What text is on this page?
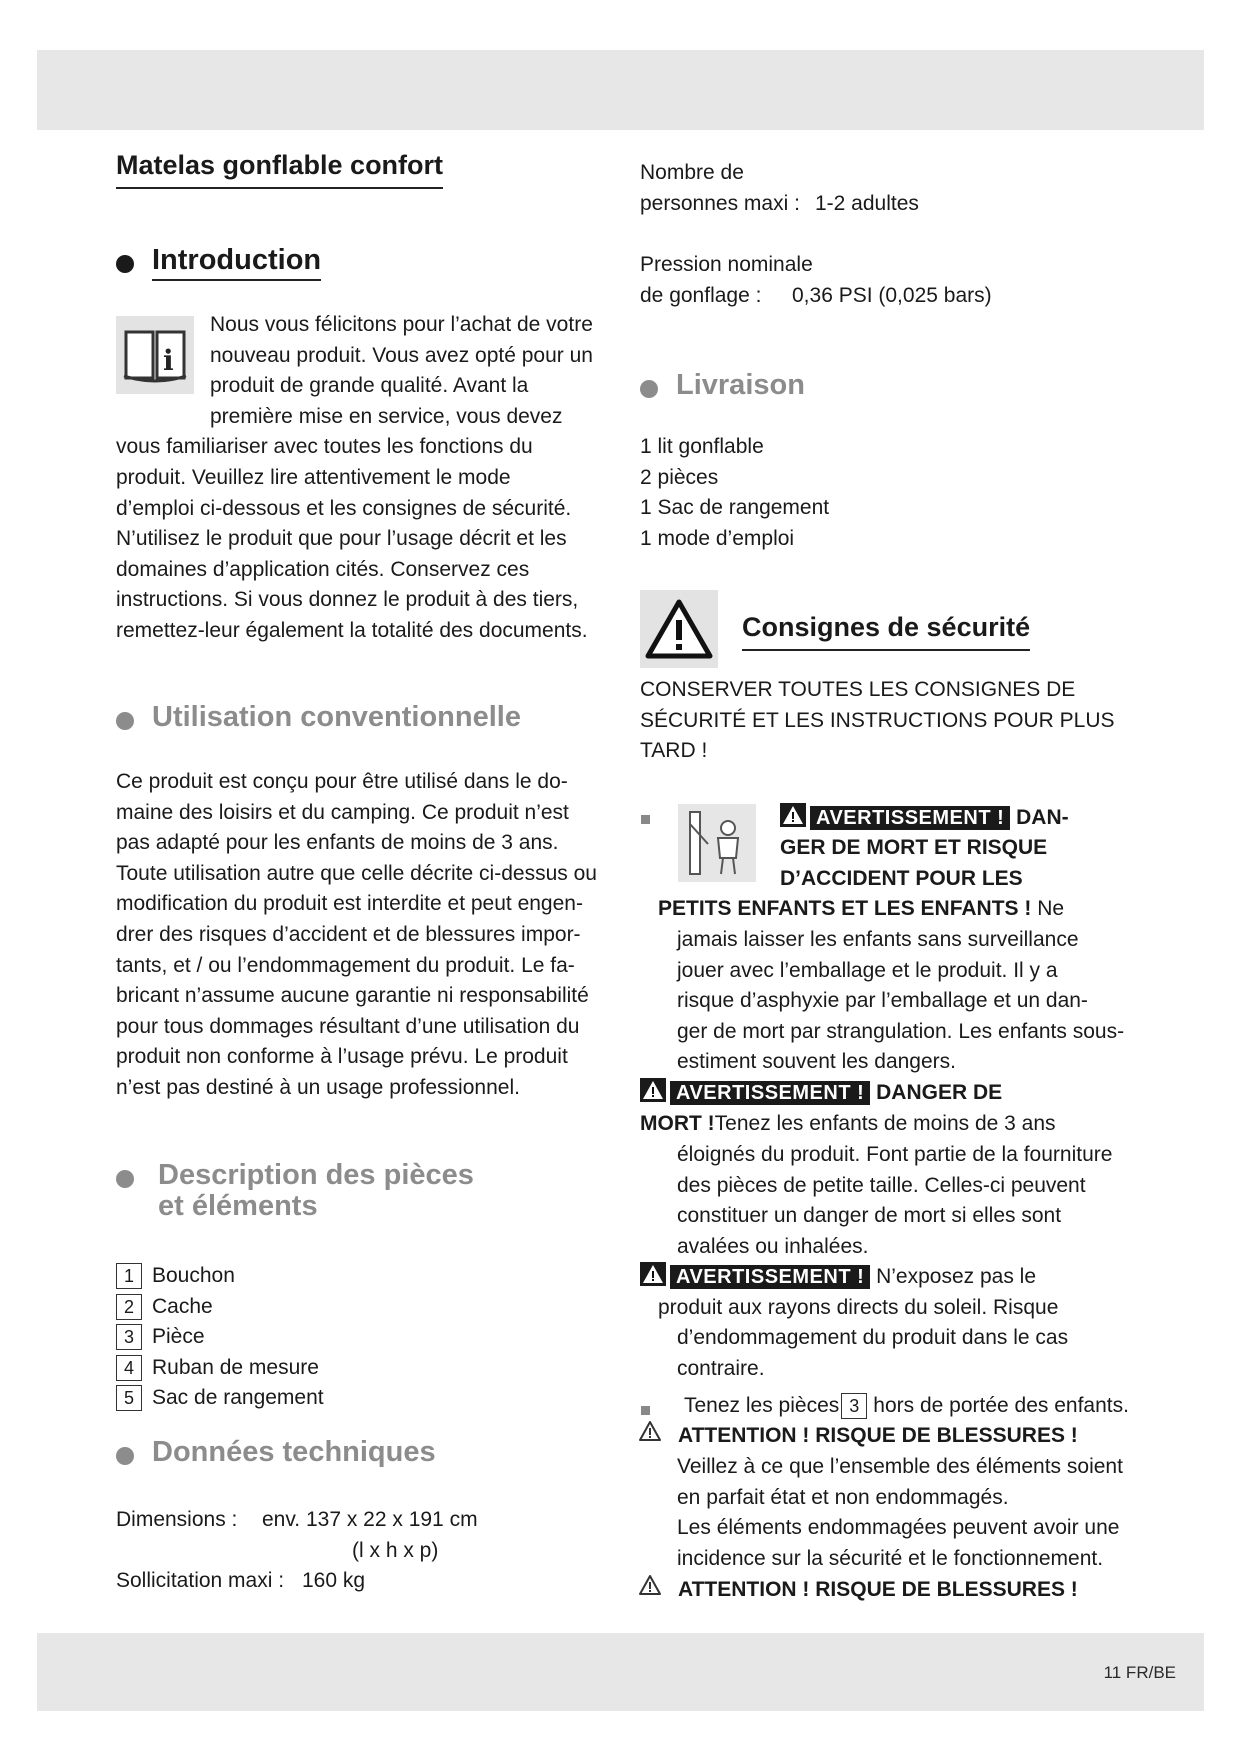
Matelas gonflable confort
Introduction
i
Nous vous félicitons pour l’achat de votre
nouveau produit. Vous avez opté pour un
produit de grande qualité. Avant la
première mise en service, vous devez
vous familiariser avec toutes les fonctions du
produit. Veuillez lire attentivement le mode
d’emploi ci-dessous et les consignes de sécurité.
N’utilisez le produit que pour l’usage décrit et les
domaines d’application cités. Conservez ces
instructions. Si vous donnez le produit à des tiers,
remettez-leur également la totalité des documents.
Utilisation conventionnelle
Ce produit est conçu pour être utilisé dans le do-
maine des loisirs et du camping. Ce produit n’est
pas adapté pour les enfants de moins de 3 ans.
Toute utilisation autre que celle décrite ci-dessus ou
modification du produit est interdite et peut engen-
drer des risques d’accident et de blessures impor-
tants, et / ou l’endommagement du produit. Le fa-
bricant n’assume aucune garantie ni responsabilité
pour tous dommages résultant d’une utilisation du
produit non conforme à l’usage prévu. Le produit
n’est pas destiné à un usage professionnel.
Description des pièces
et éléments
1 Bouchon
2 Cache
3 Pièce
4 Ruban de mesure
5 Sac de rangement
Données techniques
Dimensions : env. 137 x 22 x 191 cm
(l x h x p)
Sollicitation maxi : 160 kg
Nombre de
personnes maxi : 1-2 adultes
Pression nominale
de gonflage : 0,36 PSI (0,025 bars)
Livraison
1 lit gonflable
2 pièces
1 Sac de rangement
1 mode d’emploi
Consignes de sécurité
CONSERVER TOUTES LES CONSIGNES DE
SÉCURITÉ ET LES INSTRUCTIONS POUR PLUS
TARD !
AVERTISSEMENT ! DAN-
GER DE MORT ET RISQUE
D’ACCIDENT POUR LES
PETITS ENFANTS ET LES ENFANTS ! Ne
jamais laisser les enfants sans surveillance
jouer avec l’emballage et le produit. Il y a
risque d’asphyxie par l’emballage et un dan-
ger de mort par strangulation. Les enfants sous-
estiment souvent les dangers.
AVERTISSEMENT ! DANGER DE
MORT !Tenez les enfants de moins de 3 ans
éloignés du produit. Font partie de la fourniture
des pièces de petite taille. Celles-ci peuvent
constituer un danger de mort si elles sont
avalées ou inhalées.
AVERTISSEMENT ! N’exposez pas le
produit aux rayons directs du soleil. Risque
d’endommagement du produit dans le cas
contraire.
Tenez les pièces 3 hors de portée des enfants.
ATTENTION ! RISQUE DE BLESSURES !
Veillez à ce que l’ensemble des éléments soient
en parfait état et non endommagés.
Les éléments endommagées peuvent avoir une
incidence sur la sécurité et le fonctionnement.
ATTENTION ! RISQUE DE BLESSURES !
11 FR/BE
